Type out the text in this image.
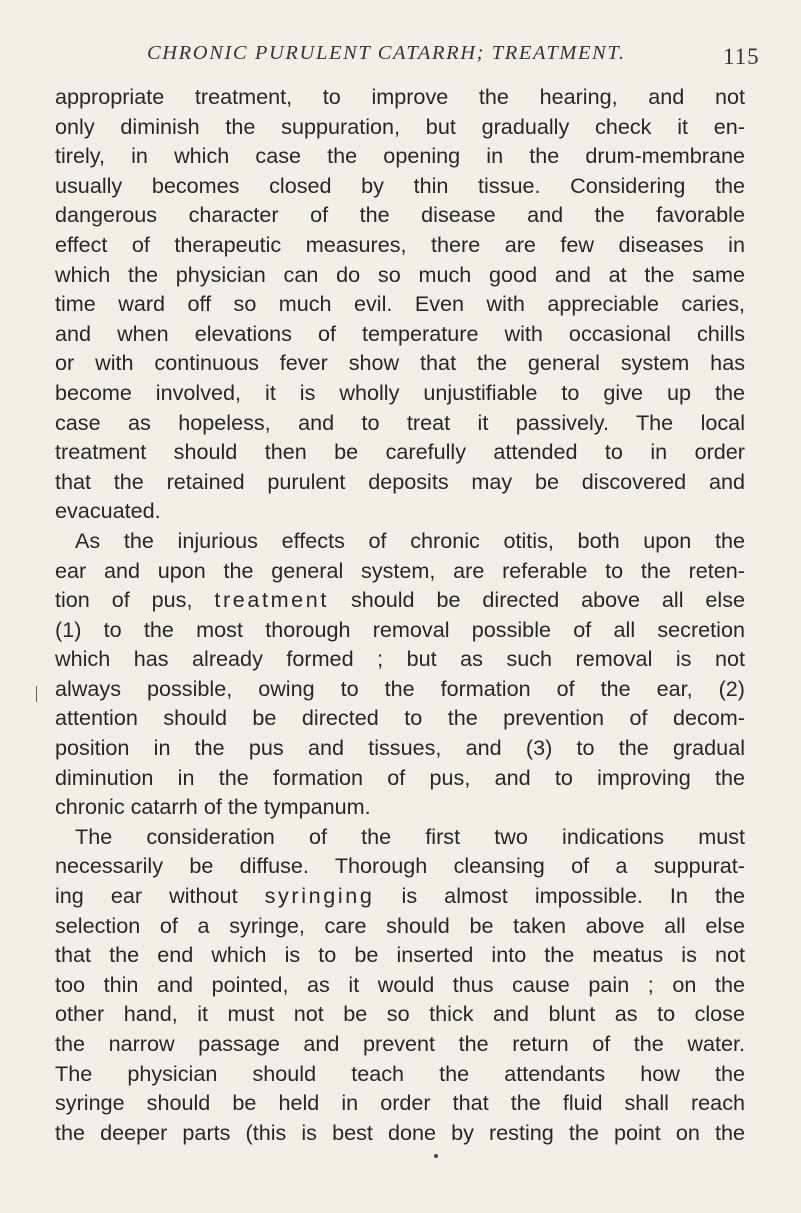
CHRONIC PURULENT CATARRH; TREATMENT.	115
appropriate treatment, to improve the hearing, and not
only diminish the suppuration, but gradually check it en-
tirely, in which case the opening in the drum-membrane
usually becomes closed by thin tissue. Considering the
dangerous character of the disease and the favorable
effect of therapeutic measures, there are few diseases in
which the physician can do so much good and at the same
time ward off so much evil. Even with appreciable caries,
and when elevations of temperature with occasional chills
or with continuous fever show that the general system has
become involved, it is wholly unjustifiable to give up the
case as hopeless, and to treat it passively. The local
treatment should then be carefully attended to in order
that the retained purulent deposits may be discovered and
evacuated.
As the injurious effects of chronic otitis, both upon the
ear and upon the general system, are referable to the reten-
tion of pus, treatment should be directed above all else
(1) to the most thorough removal possible of all secretion
which has already formed ; but as such removal is not
always possible, owing to the formation of the ear, (2)
attention should be directed to the prevention of decom-
position in the pus and tissues, and (3) to the gradual
diminution in the formation of pus, and to improving the
chronic catarrh of the tympanum.
The consideration of the first two indications must
necessarily be diffuse. Thorough cleansing of a suppurat-
ing ear without syringing is almost impossible. In the
selection of a syringe, care should be taken above all else
that the end which is to be inserted into the meatus is not
too thin and pointed, as it would thus cause pain ; on the
other hand, it must not be so thick and blunt as to close
the narrow passage and prevent the return of the water.
The physician should teach the attendants how the
syringe should be held in order that the fluid shall reach
the deeper parts (this is best done by resting the point on the
